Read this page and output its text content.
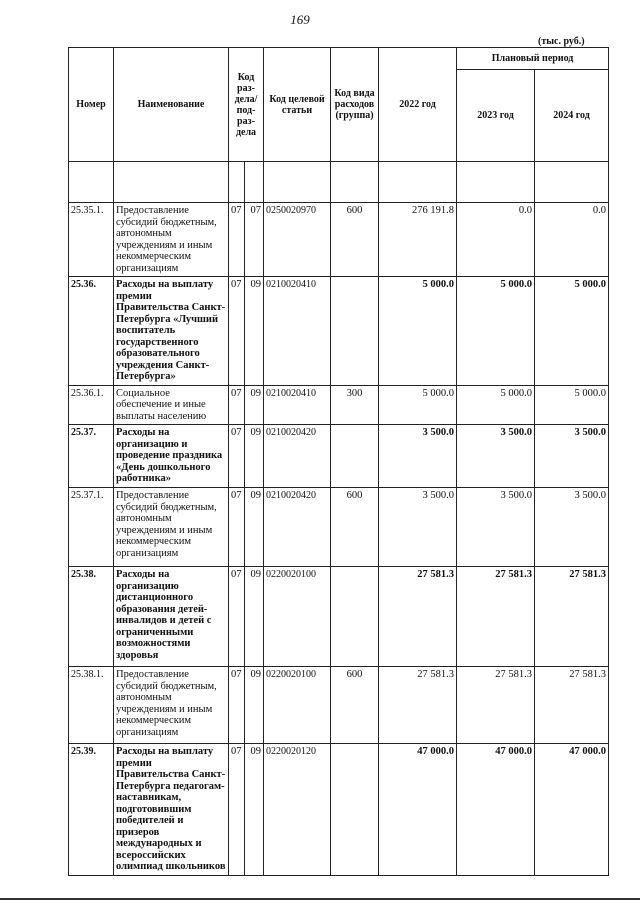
169
(тыс. руб.)
Номер	Наименование	Код раз- дела/ под- раз- дела		Код целевой статьи	Код вида расходов (группа)	2022 год	Плановый период	
							2023 год	2024 год

25.35.1.	Предоставление субсидий бюджетным, автономным учреждениям и иным некоммерческим организациям	07	07	0250020970	600	276 191.8	0.0	0.0
25.36.	Расходы на выплату премии Правительства Санкт-Петербурга «Лучший воспитатель государственного образовательного учреждения Санкт-Петербурга»	07	09	0210020410		5 000.0	5 000.0	5 000.0
25.36.1.	Социальное обеспечение и иные выплаты населению	07	09	0210020410	300	5 000.0	5 000.0	5 000.0
25.37.	Расходы на организацию и проведение праздника «День дошкольного работника»	07	09	0210020420		3 500.0	3 500.0	3 500.0
25.37.1.	Предоставление субсидий бюджетным, автономным учреждениям и иным некоммерческим организациям	07	09	0210020420	600	3 500.0	3 500.0	3 500.0
25.38.	Расходы на организацию дистанционного образования детей-инвалидов и детей с ограниченными возможностями здоровья	07	09	0220020100		27 581.3	27 581.3	27 581.3
25.38.1.	Предоставление субсидий бюджетным, автономным учреждениям и иным некоммерческим организациям	07	09	0220020100	600	27 581.3	27 581.3	27 581.3
25.39.	Расходы на выплату премии Правительства Санкт-Петербурга педагогам-наставникам, подготовившим победителей и призеров международных и всероссийских олимпиад школьников	07	09	0220020120		47 000.0	47 000.0	47 000.0
